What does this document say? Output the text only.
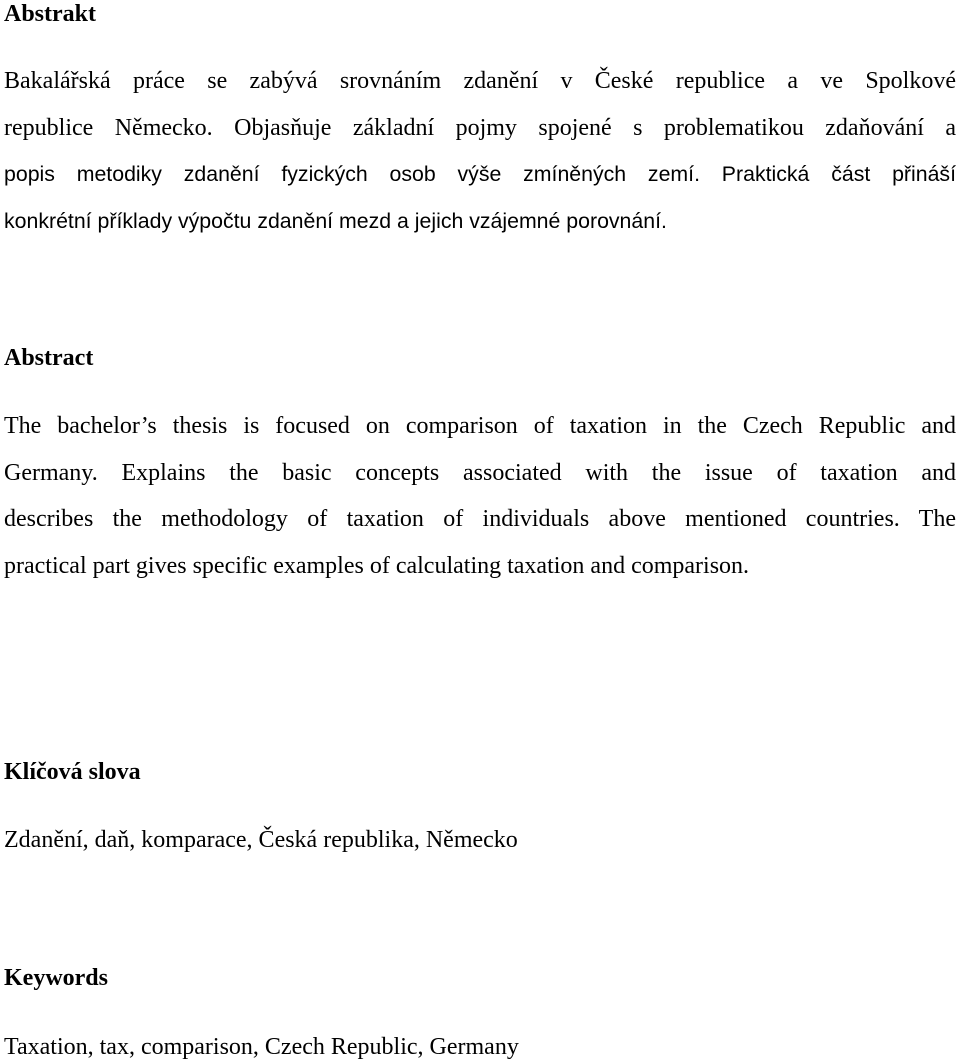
Abstrakt
Bakalářská práce se zabývá srovnáním zdanění v České republice a ve Spolkové
republice Německo. Objasňuje základní pojmy spojené s problematikou zdaňování a
popis metodiky zdanění fyzických osob výše zmíněných zemí. Praktická část přináší
konkrétní příklady výpočtu zdanění mezd a jejich vzájemné porovnání.
Abstract
The bachelor’s thesis is focused on comparison of taxation in the Czech Republic and
Germany. Explains the basic concepts associated with the issue of taxation and
describes the methodology of taxation of individuals above mentioned countries. The
practical part gives specific examples of calculating taxation and comparison.
Klíčová slova

Zdanění, daň, komparace, Česká republika, Německo

Keywords

Taxation, tax, comparison, Czech Republic, Germany
